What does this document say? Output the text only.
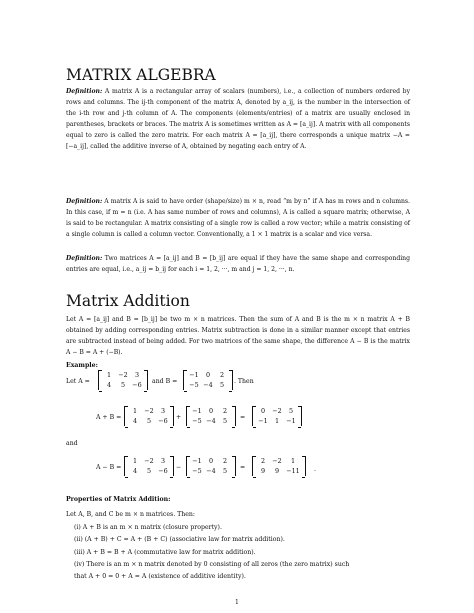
MATRIX ALGEBRA
Definition: A matrix A is a rectangular array of scalars (numbers), i.e., a collection of numbers ordered by rows and columns. The ij-th component of the matrix A, denoted by a_ij, is the number in the intersection of the i-th row and j-th column of A. The components (elements/entries) of a matrix are usually enclosed in parentheses, brackets or braces. The matrix A is sometimes written as A = [a_ij]. A matrix with all components equal to zero is called the zero matrix. For each matrix A = [a_ij], there corresponds a unique matrix −A = [−a_ij], called the additive inverse of A, obtained by negating each entry of A.
Definition: A matrix A is said to have order (shape/size) m × n, read “m by n” if A has m rows and n columns. In this case, if m = n (i.e. A has same number of rows and columns), A is called a square matrix; otherwise, A is said to be rectangular. A matrix consisting of a single row is called a row vector; while a matrix consisting of a single column is called a column vector. Conventionally, a 1 × 1 matrix is a scalar and vice versa.
Definition: Two matrices A = [a_ij] and B = [b_ij] are equal if they have the same shape and corresponding entries are equal, i.e., a_ij = b_ij for each i = 1, 2, ···, m and j = 1, 2, ···, n.
Matrix Addition
Let A = [a_ij] and B = [b_ij] be two m × n matrices. Then the sum of A and B is the m × n matrix A + B obtained by adding corresponding entries. Matrix subtraction is done in a similar manner except that entries are subtracted instead of being added. For two matrices of the same shape, the difference A − B is the matrix A − B = A + (−B).
Example:
Let A =
1	−2	3
4	5	−6	and B =
−1	0	2
−5 −4	5	. Then
A + B =
1	−2	3
4	5	−6	+
−1	0	2
−5 −4	5	=
0	−2	5
−1	1	−1
and
A − B =
1	−2	3
4	5	−6	−
−1	0	2
−5 −4	5	=
2	−2	1
9	9	−11	.
Properties of Matrix Addition:
Let A, B, and C be m × n matrices. Then:
(i) A + B is an m × n matrix (closure property).
(ii) (A + B) + C = A + (B + C) (associative law for matrix addition).
(iii) A + B = B + A (commutative law for matrix addition).
(iv) There is an m × n matrix denoted by 0 consisting of all zeros (the zero matrix) such
that A + 0 = 0 + A = A (existence of additive identity).
1
